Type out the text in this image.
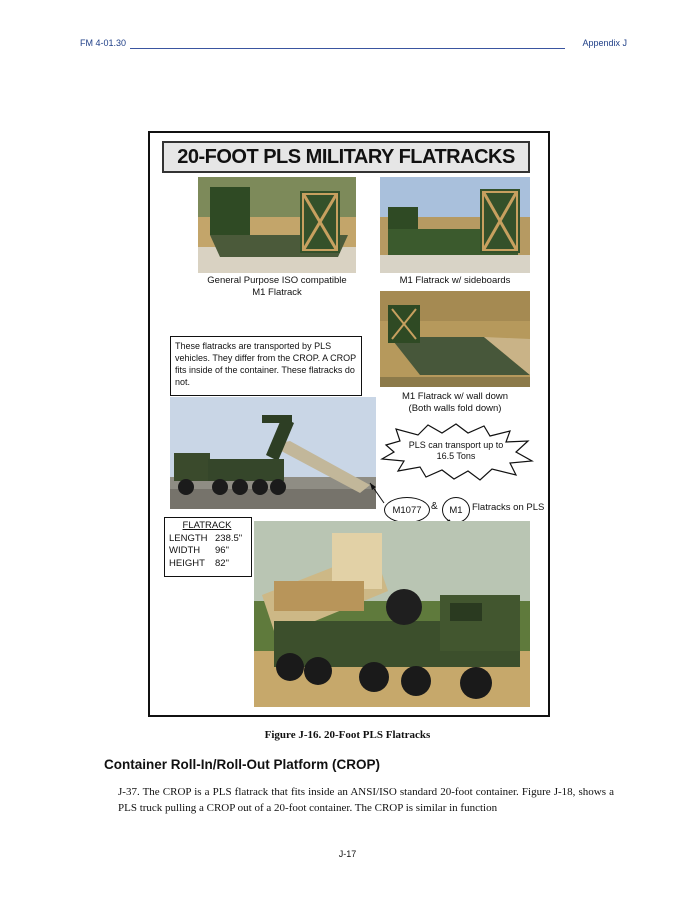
FM 4-01.30	Appendix J
20-FOOT PLS MILITARY FLATRACKS
General Purpose ISO compatible
M1 Flatrack
M1 Flatrack w/ sideboards
M1 Flatrack w/ wall down
(Both walls fold down)
These flatracks are transported by PLS vehicles. They differ from the CROP. A CROP fits inside of the container. These flatracks do not.
PLS can transport up to
16.5 Tons
M1077 &	M1 Flatracks on PLS
FLATRACK
LENGTH 238.5"
WIDTH	96"
HEIGHT	82"
Figure J-16. 20-Foot PLS Flatracks
Container Roll-In/Roll-Out Platform (CROP)
J-37. The CROP is a PLS flatrack that fits inside an ANSI/ISO standard 20-foot container. Figure J-18, shows a PLS truck pulling a CROP out of a 20-foot container. The CROP is similar in function
J-17
